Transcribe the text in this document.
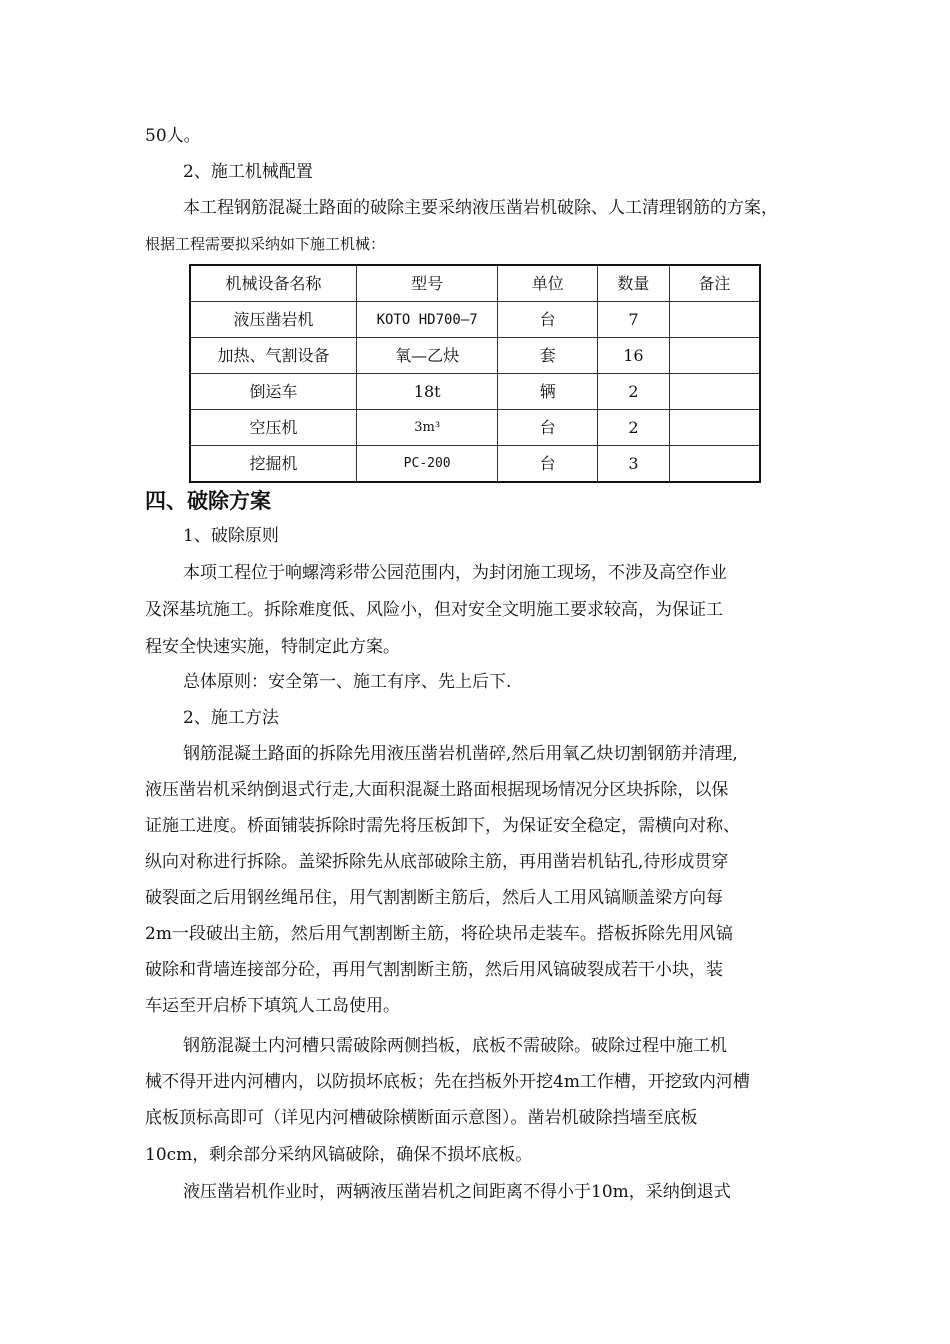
50人。
2、施工机械配置
本工程钢筋混凝土路面的破除主要采纳液压凿岩机破除、人工清理钢筋的方案，
根据工程需要拟采纳如下施工机械：
机械设备名称	型号	单位	数量	备注
液压凿岩机	KOTO HD700—7	台	7	
加热、气割设备	氧—乙炔	套	16	
倒运车	18t	辆	2	
空压机	3m³	台	2	
挖掘机	PC-200	台	3	
四、破除方案
1、破除原则
本项工程位于响螺湾彩带公园范围内，为封闭施工现场，不涉及高空作业
及深基坑施工。拆除难度低、风险小，但对安全文明施工要求较高，为保证工
程安全快速实施，特制定此方案。
总体原则：安全第一、施工有序、先上后下.
2、施工方法
钢筋混凝土路面的拆除先用液压凿岩机凿碎,然后用氧乙炔切割钢筋并清理,
液压凿岩机采纳倒退式行走,大面积混凝土路面根据现场情况分区块拆除，以保
证施工进度。桥面铺装拆除时需先将压板卸下，为保证安全稳定，需横向对称、
纵向对称进行拆除。盖梁拆除先从底部破除主筋，再用凿岩机钻孔,待形成贯穿
破裂面之后用钢丝绳吊住，用气割割断主筋后，然后人工用风镐顺盖梁方向每
2m一段破出主筋，然后用气割割断主筋，将砼块吊走装车。搭板拆除先用风镐
破除和背墙连接部分砼，再用气割割断主筋，然后用风镐破裂成若干小块，装
车运至开启桥下填筑人工岛使用。
钢筋混凝土内河槽只需破除两侧挡板，底板不需破除。破除过程中施工机
械不得开进内河槽内，以防损坏底板；先在挡板外开挖4m工作槽，开挖致内河槽
底板顶标高即可（详见内河槽破除横断面示意图）。凿岩机破除挡墙至底板
10cm，剩余部分采纳风镐破除，确保不损坏底板。
液压凿岩机作业时，两辆液压凿岩机之间距离不得小于10m，采纳倒退式
